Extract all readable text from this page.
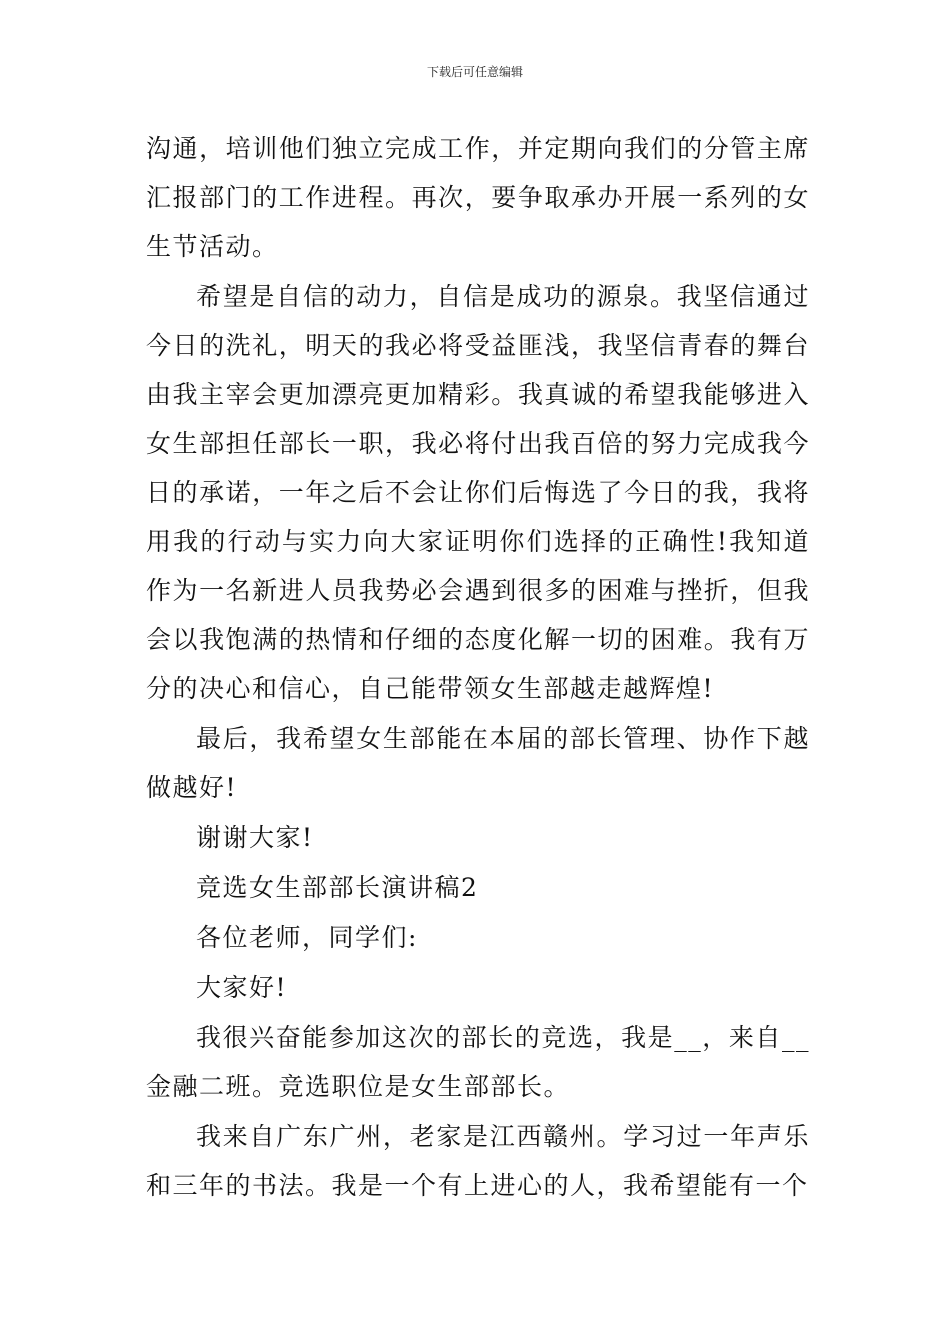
下载后可任意编辑

沟通，培训他们独立完成工作，并定期向我们的分管主席汇报部门的工作进程。再次，要争取承办开展一系列的女生节活动。

希望是自信的动力，自信是成功的源泉。我坚信通过今日的洗礼，明天的我必将受益匪浅，我坚信青春的舞台由我主宰会更加漂亮更加精彩。我真诚的希望我能够进入女生部担任部长一职，我必将付出我百倍的努力完成我今日的承诺，一年之后不会让你们后悔选了今日的我，我将用我的行动与实力向大家证明你们选择的正确性!我知道作为一名新进人员我势必会遇到很多的困难与挫折，但我会以我饱满的热情和仔细的态度化解一切的困难。我有万分的决心和信心，自己能带领女生部越走越辉煌!

最后，我希望女生部能在本届的部长管理、协作下越做越好!

谢谢大家!

竞选女生部部长演讲稿2

各位老师，同学们:

大家好!

我很兴奋能参加这次的部长的竞选，我是__，来自__金融二班。竞选职位是女生部部长。

我来自广东广州，老家是江西赣州。学习过一年声乐和三年的书法。我是一个有上进心的人，我希望能有一个
